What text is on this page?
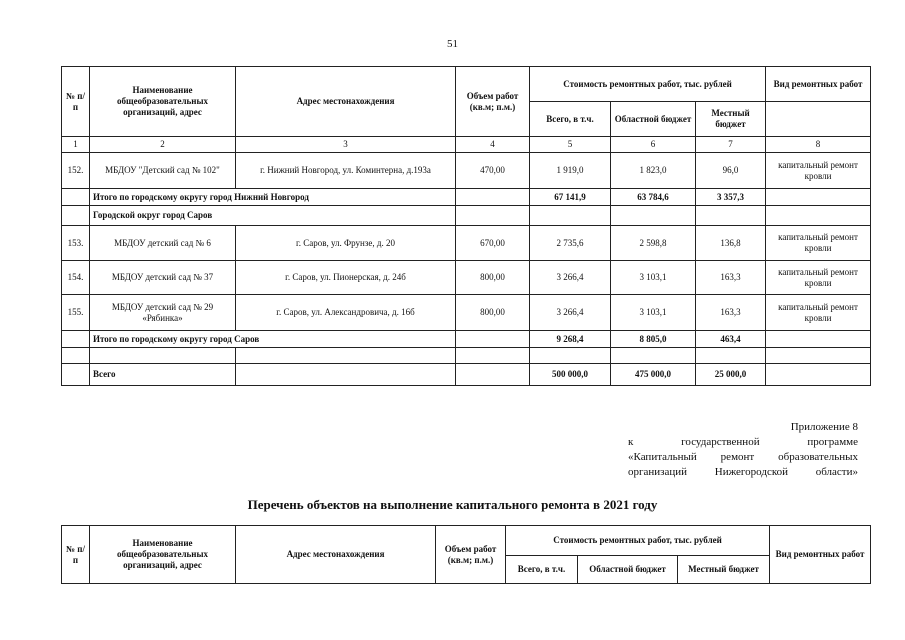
51
№ п/п	Наименование общеобразовательных организаций, адрес	Адрес местонахождения	Объем работ (кв.м; п.м.)	Стоимость ремонтных работ, тыс. рублей			Вид ремонтных работ
				Всего, в т.ч.	Областной бюджет	Местный бюджет	
1	2	3	4	5	6	7	8
152.	МБДОУ "Детский сад № 102"	г. Нижний Новгород, ул. Коминтерна, д.193а	470,00	1 919,0	1 823,0	96,0	капитальный ремонт кровли
	Итого по городскому округу город Нижний Новгород			67 141,9	63 784,6	3 357,3	
	Городской округ город Саров						
153.	МБДОУ детский сад № 6	г. Саров, ул. Фрунзе, д. 20	670,00	2 735,6	2 598,8	136,8	капитальный ремонт кровли
154.	МБДОУ детский сад № 37	г. Саров, ул. Пионерская, д. 24б	800,00	3 266,4	3 103,1	163,3	капитальный ремонт кровли
155.	МБДОУ детский сад № 29 «Рябинка»	г. Саров, ул. Александровича, д. 16б	800,00	3 266,4	3 103,1	163,3	капитальный ремонт кровли
	Итого по городскому округу город Саров			9 268,4	8 805,0	463,4	

	Всего			500 000,0	475 000,0	25 000,0	
Приложение 8
к государственной программе
«Капитальный ремонт образовательных
организаций Нижегородской области»
Перечень объектов на выполнение капитального ремонта в 2021 году
№ п/п	Наименование общеобразовательных организаций, адрес	Адрес местонахождения	Объем работ (кв.м; п.м.)	Стоимость ремонтных работ, тыс. рублей			Вид ремонтных работ
				Всего, в т.ч.	Областной бюджет	Местный бюджет	
